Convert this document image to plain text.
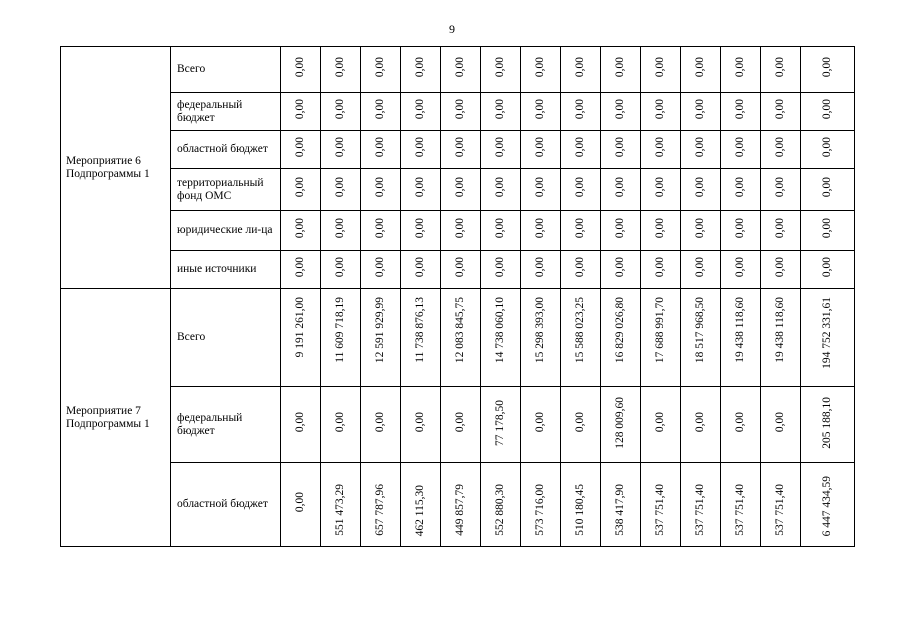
9
Мероприятие 6 Подпрограммы 1	Всего	0,00	0,00	0,00	0,00	0,00	0,00	0,00	0,00	0,00	0,00	0,00	0,00	0,00	0,00
	федеральный бюджет	0,00	0,00	0,00	0,00	0,00	0,00	0,00	0,00	0,00	0,00	0,00	0,00	0,00	0,00
	областной бюджет	0,00	0,00	0,00	0,00	0,00	0,00	0,00	0,00	0,00	0,00	0,00	0,00	0,00	0,00
	территориальный фонд ОМС	0,00	0,00	0,00	0,00	0,00	0,00	0,00	0,00	0,00	0,00	0,00	0,00	0,00	0,00
	юридические ли-ца	0,00	0,00	0,00	0,00	0,00	0,00	0,00	0,00	0,00	0,00	0,00	0,00	0,00	0,00
	иные источники	0,00	0,00	0,00	0,00	0,00	0,00	0,00	0,00	0,00	0,00	0,00	0,00	0,00	0,00
Мероприятие 7 Подпрограммы 1	Всего	9 191 261,00	11 609 718,19	12 591 929,99	11 738 876,13	12 083 845,75	14 738 060,10	15 298 393,00	15 588 023,25	16 829 026,80	17 688 991,70	18 517 968,50	19 438 118,60	19 438 118,60	194 752 331,61
	федеральный бюджет	0,00	0,00	0,00	0,00	0,00	77 178,50	0,00	0,00	128 009,60	0,00	0,00	0,00	0,00	205 188,10
	областной бюджет	0,00	551 473,29	657 787,96	462 115,30	449 857,79	552 880,30	573 716,00	510 180,45	538 417,90	537 751,40	537 751,40	537 751,40	537 751,40	6 447 434,59
